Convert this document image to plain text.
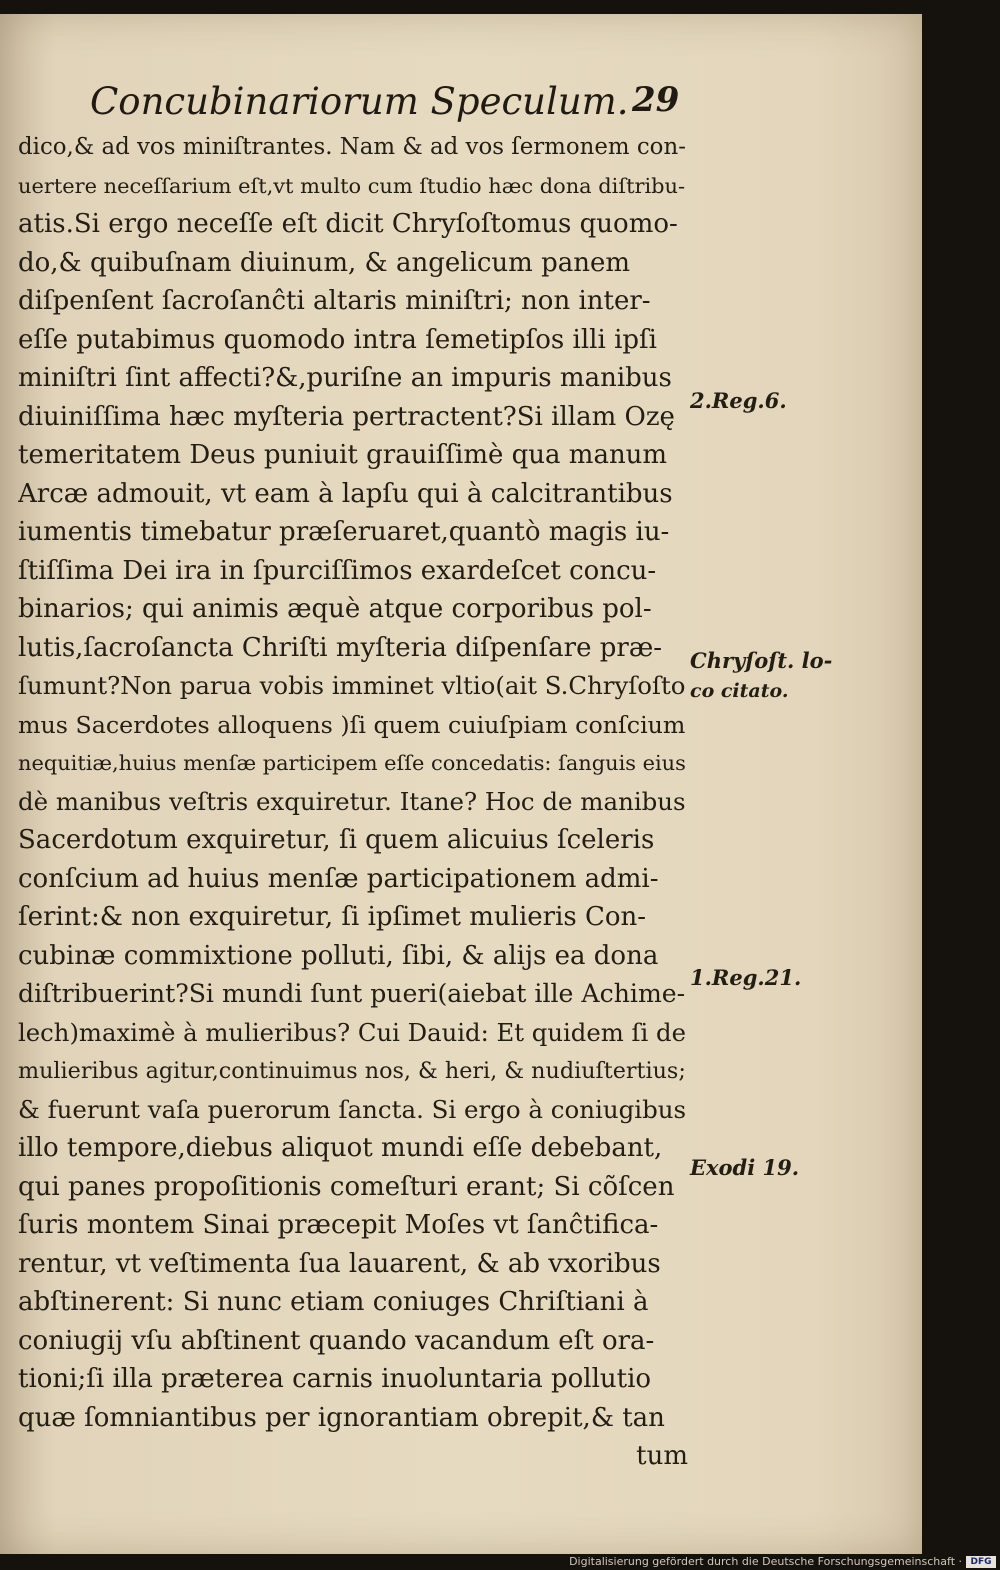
Concubinariorum Speculum. 29
dico,& ad vos miniſtrantes. Nam & ad vos ſermonem con-
uertere neceſſarium eſt,vt multo cum ſtudio hæc dona diſtribu-
atis.Si ergo neceſſe eſt dicit Chryſoſtomus quomo-
do,& quibuſnam diuinum, & angelicum panem
diſpenſent ſacroſanĉti altaris miniſtri; non inter-
eſſe putabimus quomodo intra ſemetipſos illi ipſi
miniſtri ſint affecti?&,puriſne an impuris manibus
diuiniſſima hæc myſteria pertractent?Si illam Ozę
temeritatem Deus puniuit grauiſſimè qua manum
Arcæ admouit, vt eam à lapſu qui à calcitrantibus
iumentis timebatur præſeruaret,quantò magis iu-
ſtiſſima Dei ira in ſpurciſſimos exardeſcet concu-
binarios; qui animis æquè atque corporibus pol-
lutis,ſacroſancta Chriſti myſteria diſpenſare præ-
ſumunt?Non parua vobis imminet vltio(ait S.Chryſoſto
mus Sacerdotes alloquens )ſi quem cuiuſpiam conſcium
nequitiæ,huius menſæ participem eſſe concedatis: ſanguis eius
dè manibus veſtris exquiretur. Itane? Hoc de manibus
Sacerdotum exquiretur, ſi quem alicuius ſceleris
conſcium ad huius menſæ participationem admi-
ſerint:& non exquiretur, ſi ipſimet mulieris Con-
cubinæ commixtione polluti, ſibi, & alijs ea dona
diſtribuerint?Si mundi ſunt pueri(aiebat ille Achime-
lech)maximè à mulieribus? Cui Dauid: Et quidem ſi de
mulieribus agitur,continuimus nos, & heri, & nudiuſtertius;
& fuerunt vaſa puerorum ſancta. Si ergo à coniugibus
illo tempore,diebus aliquot mundi eſſe debebant,
qui panes propoſitionis comeſturi erant; Si cõſcen
ſuris montem Sinai præcepit Moſes vt ſanĉtifica-
rentur, vt veſtimenta ſua lauarent, & ab vxoribus
abſtinerent: Si nunc etiam coniuges Chriſtiani à
coniugij vſu abſtinent quando vacandum eſt ora-
tioni;ſi illa præterea carnis inuoluntaria pollutio
quæ ſomniantibus per ignorantiam obrepit,& tan
tum
2.Reg.6.
Chryſoſt. lo-
co citato.
1.Reg.21.
Exodi 19.
Digitalisierung gefördert durch die Deutsche Forschungsgemeinschaft · DFG
